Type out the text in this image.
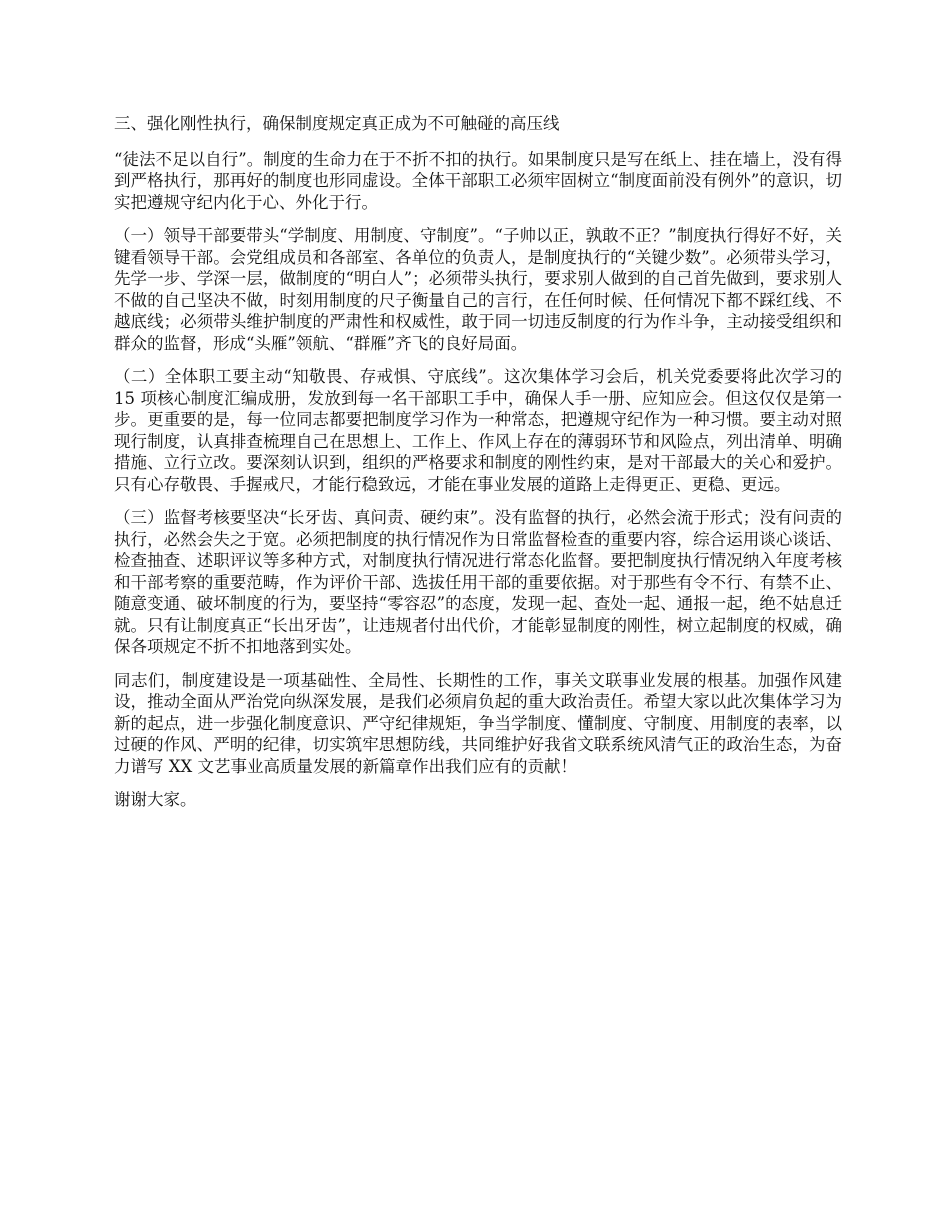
三、强化刚性执行，确保制度规定真正成为不可触碰的高压线

“徒法不足以自行”。制度的生命力在于不折不扣的执行。如果制度只是写在纸上、挂在墙上，没有得到严格执行，那再好的制度也形同虚设。全体干部职工必须牢固树立“制度面前没有例外”的意识，切实把遵规守纪内化于心、外化于行。

（一）领导干部要带头“学制度、用制度、守制度”。“子帅以正，孰敢不正？”制度执行得好不好，关键看领导干部。会党组成员和各部室、各单位的负责人，是制度执行的“关键少数”。必须带头学习，先学一步、学深一层，做制度的“明白人”；必须带头执行，要求别人做到的自己首先做到，要求别人不做的自己坚决不做，时刻用制度的尺子衡量自己的言行，在任何时候、任何情况下都不踩红线、不越底线；必须带头维护制度的严肃性和权威性，敢于同一切违反制度的行为作斗争，主动接受组织和群众的监督，形成“头雁”领航、“群雁”齐飞的良好局面。

（二）全体职工要主动“知敬畏、存戒惧、守底线”。这次集体学习会后，机关党委要将此次学习的 15 项核心制度汇编成册，发放到每一名干部职工手中，确保人手一册、应知应会。但这仅仅是第一步。更重要的是，每一位同志都要把制度学习作为一种常态，把遵规守纪作为一种习惯。要主动对照现行制度，认真排查梳理自己在思想上、工作上、作风上存在的薄弱环节和风险点，列出清单、明确措施、立行立改。要深刻认识到，组织的严格要求和制度的刚性约束，是对干部最大的关心和爱护。只有心存敬畏、手握戒尺，才能行稳致远，才能在事业发展的道路上走得更正、更稳、更远。

（三）监督考核要坚决“长牙齿、真问责、硬约束”。没有监督的执行，必然会流于形式；没有问责的执行，必然会失之于宽。必须把制度的执行情况作为日常监督检查的重要内容，综合运用谈心谈话、检查抽查、述职评议等多种方式，对制度执行情况进行常态化监督。要把制度执行情况纳入年度考核和干部考察的重要范畴，作为评价干部、选拔任用干部的重要依据。对于那些有令不行、有禁不止、随意变通、破坏制度的行为，要坚持“零容忍”的态度，发现一起、查处一起、通报一起，绝不姑息迁就。只有让制度真正“长出牙齿”，让违规者付出代价，才能彰显制度的刚性，树立起制度的权威，确保各项规定不折不扣地落到实处。

同志们，制度建设是一项基础性、全局性、长期性的工作，事关文联事业发展的根基。加强作风建设，推动全面从严治党向纵深发展，是我们必须肩负起的重大政治责任。希望大家以此次集体学习为新的起点，进一步强化制度意识、严守纪律规矩，争当学制度、懂制度、守制度、用制度的表率，以过硬的作风、严明的纪律，切实筑牢思想防线，共同维护好我省文联系统风清气正的政治生态，为奋力谱写 XX 文艺事业高质量发展的新篇章作出我们应有的贡献！

谢谢大家。
